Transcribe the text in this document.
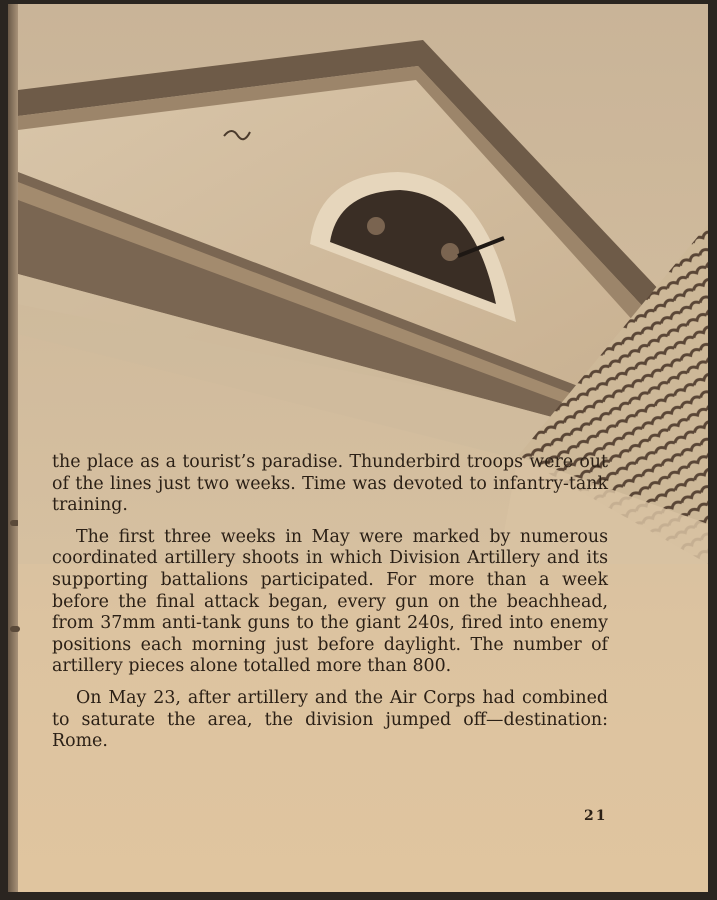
the place as a tourist’s paradise. Thunderbird troops were out of the lines just two weeks. Time was devoted to infantry-tank training.

The first three weeks in May were marked by numerous coordinated artillery shoots in which Division Artillery and its supporting battalions participated. For more than a week before the final attack began, every gun on the beachhead, from 37mm anti-tank guns to the giant 240s, fired into enemy positions each morning just before daylight. The number of artillery pieces alone totalled more than 800.

On May 23, after artillery and the Air Corps had combined to saturate the area, the division jumped off—destination: Rome.

21
